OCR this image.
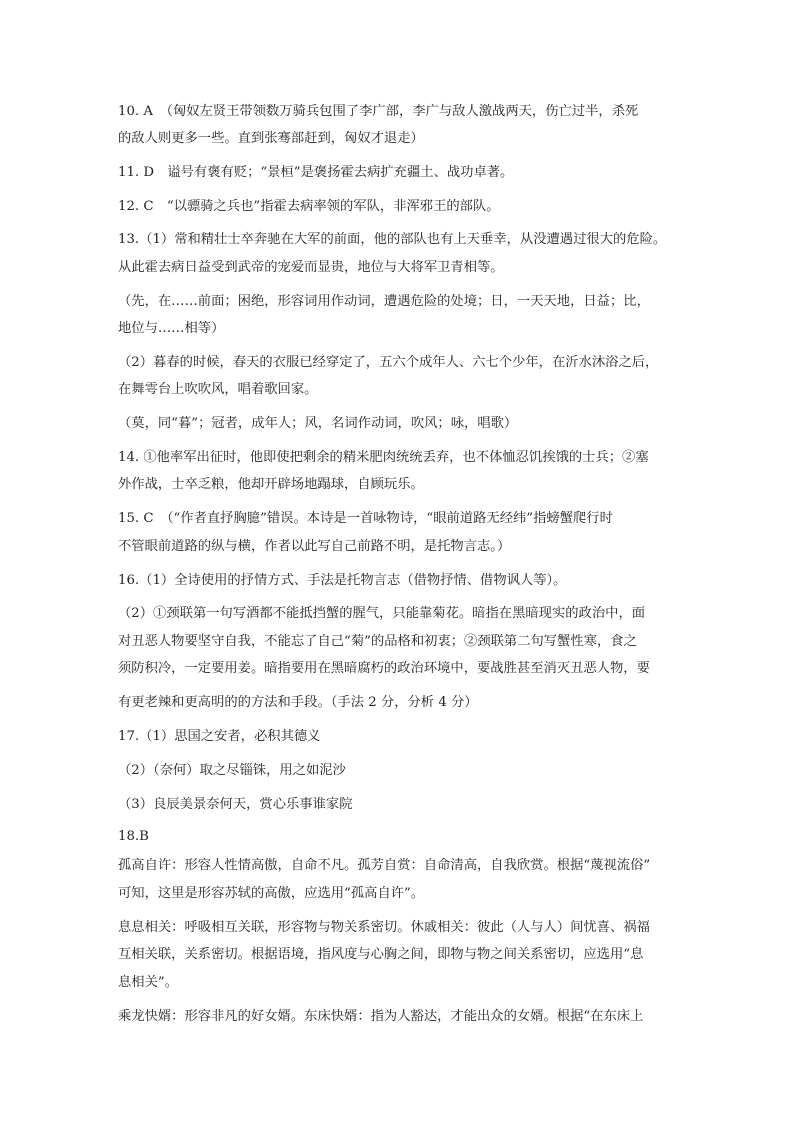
10. A　（匈奴左贤王带领数万骑兵包围了李广部，李广与敌人激战两天，伤亡过半，杀死
的敌人则更多一些。直到张骞部赶到，匈奴才退走）
11. D　谥号有褒有贬；“景桓”是褒扬霍去病扩充疆土、战功卓著。
12. C　“以骠骑之兵也”指霍去病率领的军队，非浑邪王的部队。
13.（1）常和精壮士卒奔驰在大军的前面，他的部队也有上天垂幸，从没遭遇过很大的危险。
从此霍去病日益受到武帝的宠爱而显贵，地位与大将军卫青相等。
（先，在……前面；困绝，形容词用作动词，遭遇危险的处境；日，一天天地，日益；比，
地位与……相等）
（2）暮春的时候，春天的衣服已经穿定了，五六个成年人、六七个少年，在沂水沐浴之后，
在舞雩台上吹吹风，唱着歌回家。
（莫，同“暮”；冠者，成年人；风，名词作动词，吹风；咏，唱歌）
14. ①他率军出征时，他即使把剩余的精米肥肉统统丢弃，也不体恤忍饥挨饿的士兵；②塞
外作战，士卒乏粮，他却开辟场地蹋球，自顾玩乐。
15. C　（“作者直抒胸臆”错误。本诗是一首咏物诗，“眼前道路无经纬”指螃蟹爬行时
不管眼前道路的纵与横，作者以此写自己前路不明，是托物言志。）
16.（1）全诗使用的抒情方式、手法是托物言志（借物抒情、借物讽人等）。
（2）①颈联第一句写酒都不能抵挡蟹的腥气，只能靠菊花。暗指在黑暗现实的政治中，面
对丑恶人物要坚守自我，不能忘了自己“菊”的品格和初衷；②颈联第二句写蟹性寒，食之
须防积冷，一定要用姜。暗指要用在黑暗腐朽的政治环境中，要战胜甚至消灭丑恶人物，要
有更老辣和更高明的的方法和手段。（手法 2 分，分析 4 分）
17.（1）思国之安者，必积其德义
（2）（奈何）取之尽锱铢，用之如泥沙
（3）良辰美景奈何天，赏心乐事谁家院
18.B
孤高自许：形容人性情高傲，自命不凡。孤芳自赏：自命清高，自我欣赏。根据“蔑视流俗”
可知，这里是形容苏轼的高傲，应选用“孤高自许”。
息息相关：呼吸相互关联，形容物与物关系密切。休戚相关：彼此（人与人）间忧喜、祸福
互相关联，关系密切。根据语境，指风度与心胸之间，即物与物之间关系密切，应选用“息
息相关”。
乘龙快婿：形容非凡的好女婿。东床快婿：指为人豁达，才能出众的女婿。根据“在东床上
